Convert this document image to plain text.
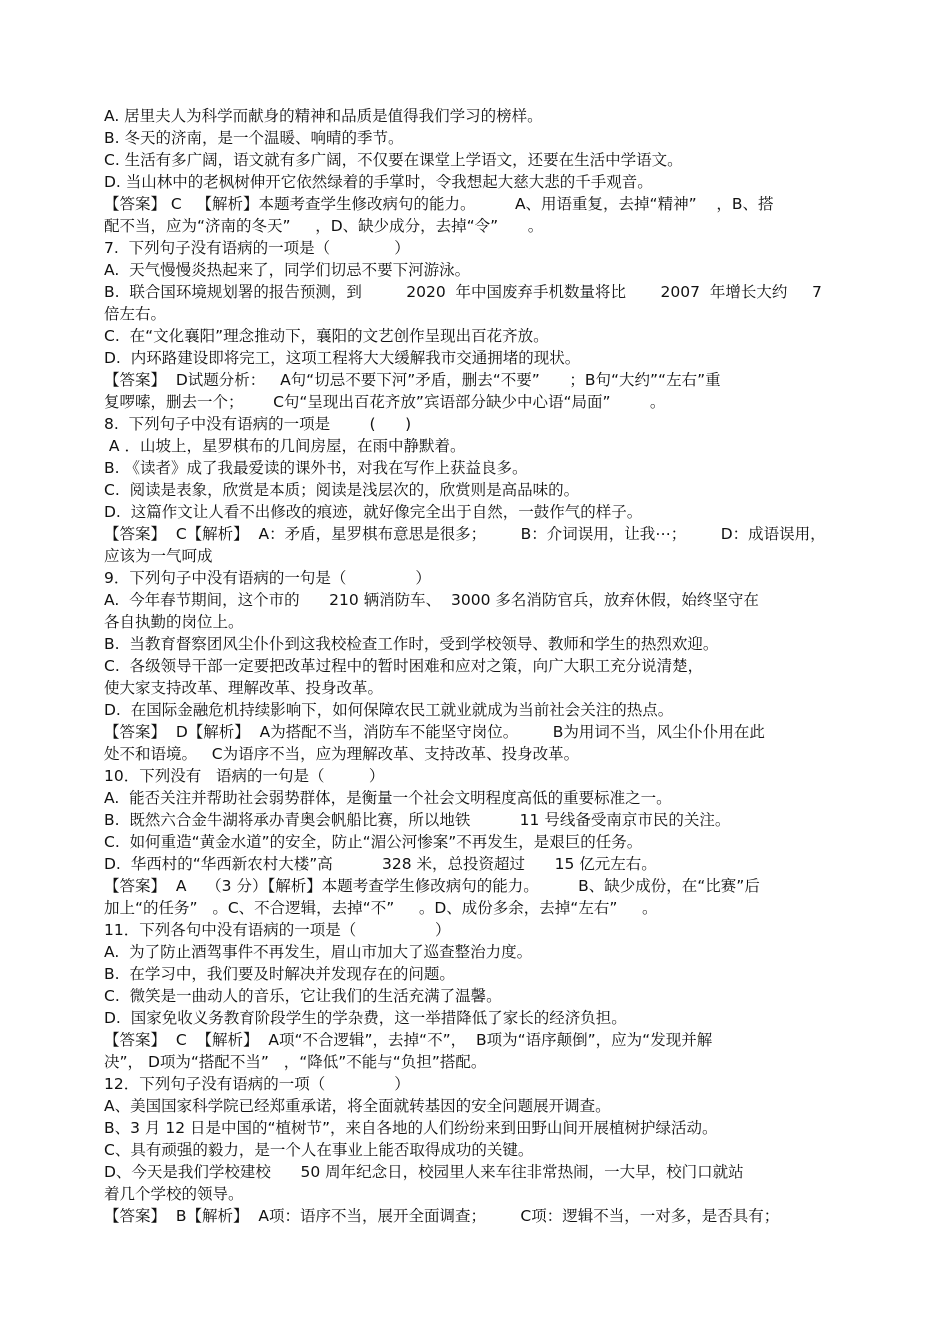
A. 居里夫人为科学而献身的精神和品质是值得我们学习的榜样。
B. 冬天的济南，是一个温暖、响晴的季节。
C. 生活有多广阔，语文就有多广阔，不仅要在课堂上学语文，还要在生活中学语文。
D. 当山林中的老枫树伸开它依然绿着的手掌时，令我想起大慈大悲的千手观音。
【答案】 C   【解析】本题考查学生修改病句的能力。        A、用语重复，去掉“精神”    ，B、搭
配不当，应为“济南的冬天”     ，D、缺少成分，去掉“令”      。
7.  下列句子没有语病的一项是（             ）
A.  天气慢慢炎热起来了，同学们切忌不要下河游泳。
B.  联合国环境规划署的报告预测，到         2020  年中国废弃手机数量将比       2007  年增长大约     7
倍左右。
C.  在“文化襄阳”理念推动下，襄阳的文艺创作呈现出百花齐放。
D.  内环路建设即将完工，这项工程将大大缓解我市交通拥堵的现状。
【答案】  D试题分析：   A句“切忌不要下河”矛盾，删去“不要”      ；B句“大约”“左右”重
复啰嗦，删去一个；      C句“呈现出百花齐放”宾语部分缺少中心语“局面”        。
8.  下列句子中没有语病的一项是        (      )
A ．山坡上，星罗棋布的几间房屋，在雨中静默着。
B. 《读者》成了我最爱读的课外书，对我在写作上获益良多。
C.  阅读是表象，欣赏是本质；阅读是浅层次的，欣赏则是高品味的。
D.  这篇作文让人看不出修改的痕迹，就好像完全出于自然，一鼓作气的样子。
【答案】  C【解析】  A：矛盾，星罗棋布意思是很多；       B：介词误用，让我⋯；       D：成语误用，
应该为一气呵成
9．下列句子中没有语病的一句是（              ）
A.  今年春节期间，这个市的      210 辆消防车、  3000 多名消防官兵，放弃休假，始终坚守在
各自执勤的岗位上。
B.  当教育督察团风尘仆仆到这我校检查工作时，受到学校领导、教师和学生的热烈欢迎。
C.  各级领导干部一定要把改革过程中的暂时困难和应对之策，向广大职工充分说清楚，
使大家支持改革、理解改革、投身改革。
D.  在国际金融危机持续影响下，如何保障农民工就业就成为当前社会关注的热点。
【答案】  D【解析】  A为搭配不当，消防车不能坚守岗位。       B为用词不当，风尘仆仆用在此
处不和语境。   C为语序不当，应为理解改革、支持改革、投身改革。
10．下列没有   语病的一句是（         ）
A.  能否关注并帮助社会弱势群体，是衡量一个社会文明程度高低的重要标准之一。
B.  既然六合金牛湖将承办青奥会帆船比赛，所以地铁          11 号线备受南京市民的关注。
C.  如何重造“黄金水道”的安全，防止“湄公河惨案”不再发生，是艰巨的任务。
D.  华西村的“华西新农村大楼”高          328 米，总投资超过      15 亿元左右。
【答案】  A    （3 分）【解析】本题考查学生修改病句的能力。        B、缺少成份，在“比赛”后
加上“的任务”   。C、不合逻辑，去掉“不”     。D、成份多余，去掉“左右”     。
11．下列各句中没有语病的一项是（                ）
A.  为了防止酒驾事件不再发生，眉山市加大了巡查整治力度。
B.  在学习中，我们要及时解决并发现存在的问题。
C.  微笑是一曲动人的音乐，它让我们的生活充满了温馨。
D.  国家免收义务教育阶段学生的学杂费，这一举措降低了家长的经济负担。
【答案】  C  【解析】  A项“不合逻辑”，去掉“不”，  B项为“语序颠倒”，应为“发现并解
决”， D项为“搭配不当”   ，“降低”不能与“负担”搭配。
12．下列句子没有语病的一项（              ）
A、美国国家科学院已经郑重承诺，将全面就转基因的安全问题展开调查。
B、3 月 12 日是中国的“植树节”，来自各地的人们纷纷来到田野山间开展植树护绿活动。
C、具有顽强的毅力，是一个人在事业上能否取得成功的关键。
D、今天是我们学校建校      50 周年纪念日，校园里人来车往非常热闹，一大早，校门口就站
着几个学校的领导。
【答案】  B【解析】  A项：语序不当，展开全面调查；       C项：逻辑不当，一对多，是否具有；
